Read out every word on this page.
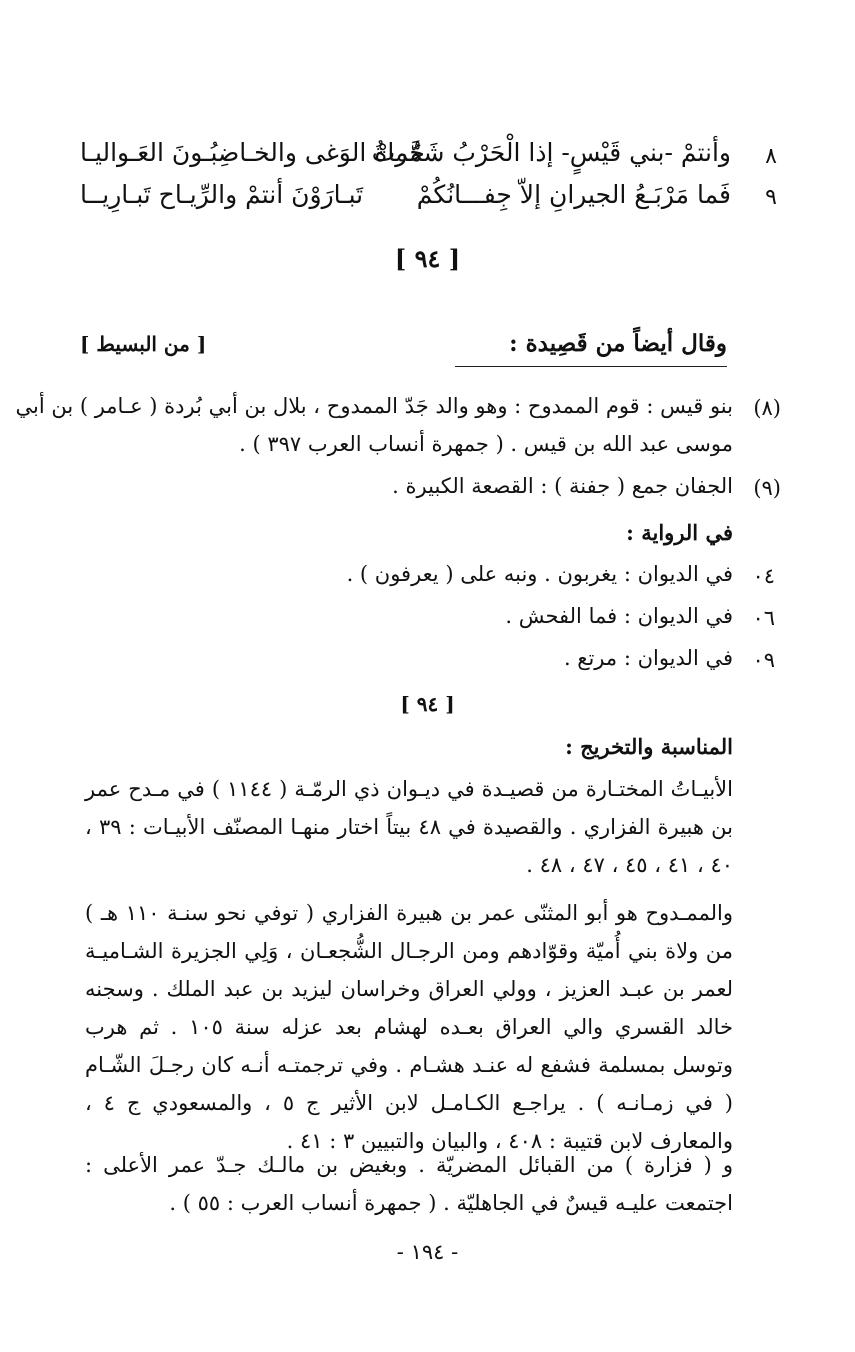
٨
وأنتمْ -بني قَيْسٍ- إذا الْحَرْبُ شَمَّرتْ
حُماةُ الوَغى والخـاضِبُـونَ العَـواليـا
٩
فَما مَرْبَـعُ الجيرانِ إلاّ جِفـــانُكُمْ
تَبـارَوْنَ أنتمْ والرِّيـاح تَبـارِيــا
[ ٩٤ ]
وقال أيضاً من قَصِيدة :
[ من البسيط ]
(٨)
بنو قيس : قوم الممدوح : وهو والد جَدّ الممدوح ، بلال بن أبي بُردة ( عـامر ) بن أبي
موسى عبد الله بن قيس . ( جمهرة أنساب العرب ٣٩٧ ) .
(٩)
الجفان جمع ( جفنة ) : القصعة الكبيرة .
في الرواية :
٠٤
في الديوان : يغربون . ونبه على ( يعرفون ) .
٠٦
في الديوان : فما الفحش .
٠٩
في الديوان : مرتع .
[ ٩٤ ]
المناسبة والتخريج :
الأبيـاتُ المختـارة من قصيـدة في ديـوان ذي الرمّـة ( ١١٤٤ ) في مـدح عمر بن هبيرة الفزاري . والقصيدة في ٤٨ بيتاً اختار منهـا المصنّف الأبيـات : ٣٩ ، ٤٠ ، ٤١ ، ٤٥ ، ٤٧ ، ٤٨ .
والممـدوح هو أبو المثنّى عمر بن هبيرة الفزاري ( توفي نحو سنـة ١١٠ هـ ) من ولاة بني أُميّة وقوّادهم ومن الرجـال الشُّجعـان ، وَلِي الجزيرة الشـاميـة لعمر بن عبـد العزيز ، وولي العراق وخراسان ليزيد بن عبد الملك . وسجنه خالد القسري والي العراق بعـده لهشام بعد عزله سنة ١٠٥ . ثم هرب وتوسل بمسلمة فشفع له عنـد هشـام . وفي ترجمتـه أنـه كان رجـلَ الشّـام ( في زمـانـه ) . يراجـع الكـامـل لابن الأثير ج ٥ ، والمسعودي ج ٤ ، والمعارف لابن قتيبة : ٤٠٨ ، والبيان والتبيين ٣ : ٤١ .
و ( فزارة ) من القبائل المضريّة . وبغيض بن مالـك جـدّ عمر الأعلى : اجتمعت عليـه قيسٌ في الجاهليّة . ( جمهرة أنساب العرب : ٥٥ ) .
- ١٩٤ -
